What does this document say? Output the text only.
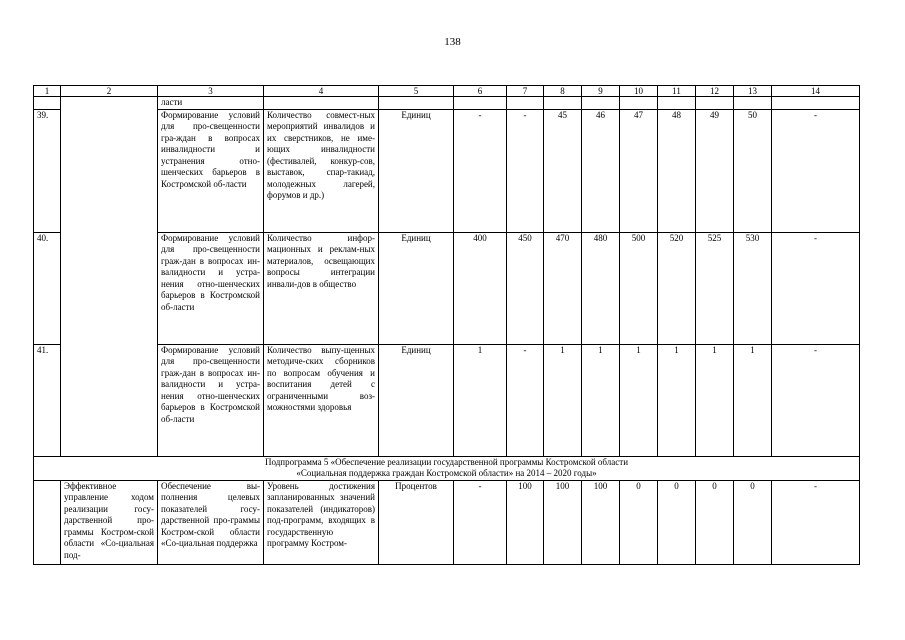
138
1	2	3	4	5	6	7	8	9	10	11	12	13	14
		ласти											
39.		Формирование условий для про-свещенности гра-ждан в вопросах инвалидности и устранения отно-шенческих барьеров в Костромской об-ласти	Количество совмест-ных мероприятий инвалидов и их сверстников, не име-ющих инвалидности (фестивалей, конкур-сов, выставок, спар-такиад, молодежных лагерей, форумов и др.)	Единиц	-	-	45	46	47	48	49	50	-
40.		Формирование условий для про-свещенности граж-дан в вопросах ин-валидности и устра-нения отно-шенческих барьеров в Костромской об-ласти	Количество инфор-мационных и реклам-ных материалов, освещающих вопросы интеграции инвали-дов в общество	Единиц	400	450	470	480	500	520	525	530	-
41.		Формирование условий для про-свещенности граж-дан в вопросах ин-валидности и устра-нения отно-шенческих барьеров в Костромской об-ласти	Количество выпу-щенных методиче-ских сборников по вопросам обучения и воспитания детей с ограниченными воз-можностями здоровья	Единиц	1	-	1	1	1	1	1	1	-

Подпрограмма 5 «Обеспечение реализации государственной программы Костромской области
«Социальная поддержка граждан Костромской области» на 2014 – 2020 годы»													

	Эффективное управление ходом реализации госу-дарственной про-граммы Костром-ской области «Со-циальная под-	Обеспечение вы-полнения целевых показателей госу-дарственной про-граммы Костром-ской области «Со-циальная поддержка	Уровень достижения запланированных значений показателей (индикаторов) под-программ, входящих в государственную программу Костром-	Процентов	-	100	100	100	0	0	0	0	-
